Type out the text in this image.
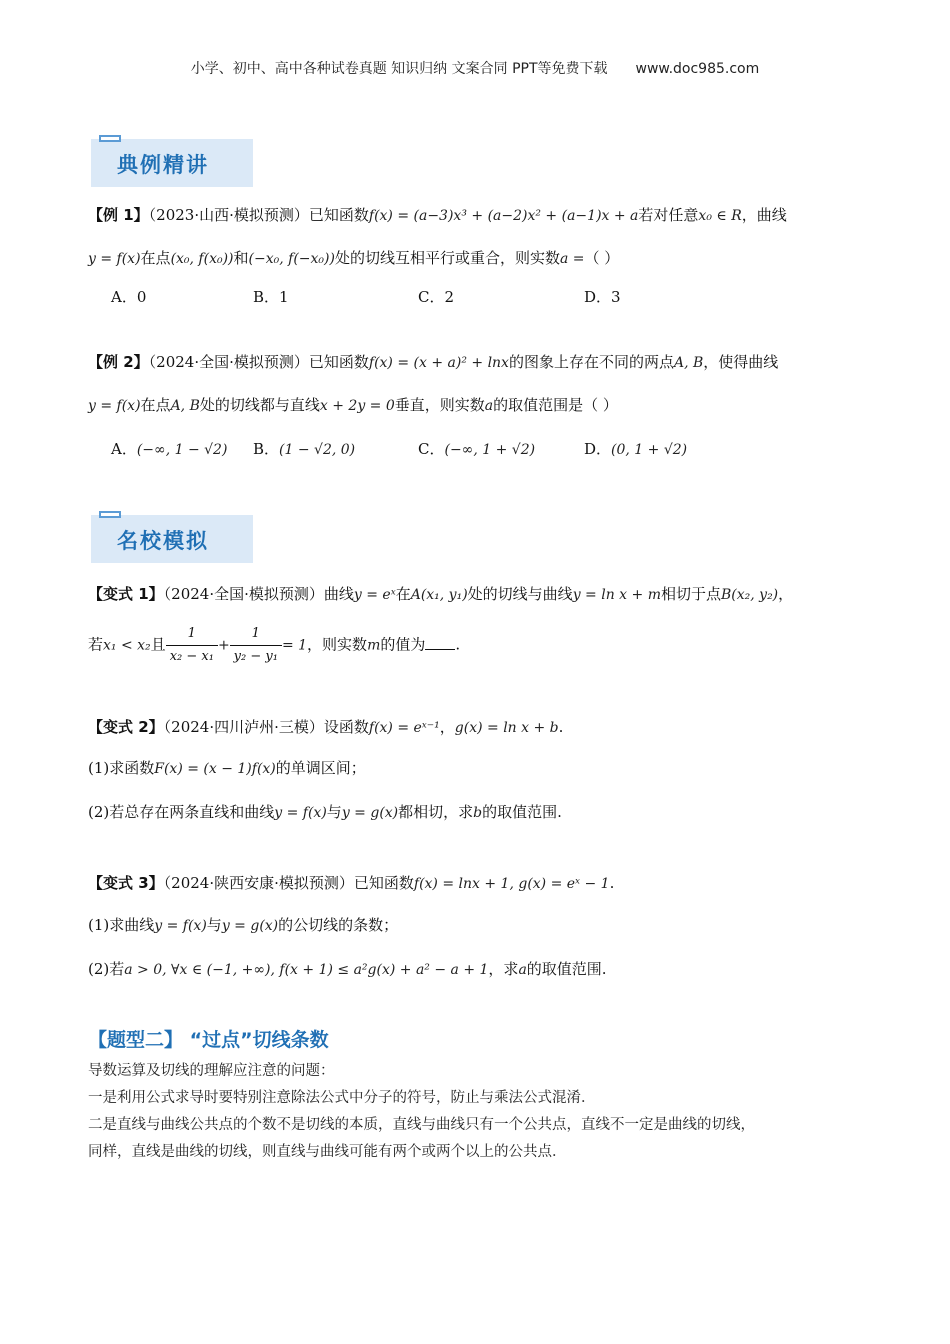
小学、初中、高中各种试卷真题 知识归纳 文案合同 PPT等免费下载 www.doc985.com
典例精讲
【例 1】（2023·山西·模拟预测）已知函数f(x) = (a−3)x³ + (a−2)x² + (a−1)x + a若对任意x₀ ∈ R，曲线
y = f(x)在点(x₀, f(x₀))和(−x₀, f(−x₀))处的切线互相平行或重合，则实数a =（ ）
A．0	B．1	C．2	D．3
【例 2】（2024·全国·模拟预测）已知函数f(x) = (x + a)² + lnx的图象上存在不同的两点A, B，使得曲线
y = f(x)在点A, B处的切线都与直线x + 2y = 0垂直，则实数a的取值范围是（ ）
A．(−∞, 1 − √2) B．(1 − √2, 0)	C．(−∞, 1 + √2)	D．(0, 1 + √2)
名校模拟
【变式 1】（2024·全国·模拟预测）曲线y = eˣ在A(x₁, y₁)处的切线与曲线y = ln x + m相切于点B(x₂, y₂)，
若x₁ < x₂且 $\frac{1}{\text{x₂ − x₁}} + \frac{1}{\text{y₂ − y₁}} = 1$，则实数m的值为 .
【变式 2】（2024·四川泸州·三模）设函数f(x) = eˣ⁻¹，g(x) = ln x + b.
(1)求函数F(x) = (x − 1)f(x)的单调区间；
(2)若总存在两条直线和曲线y = f(x)与y = g(x)都相切，求b的取值范围.
【变式 3】（2024·陕西安康·模拟预测）已知函数f(x) = lnx + 1, g(x) = eˣ − 1.
(1)求曲线y = f(x)与y = g(x)的公切线的条数；
(2)若a > 0, ∀x ∈ (−1, +∞), f(x + 1) ≤ a²g(x) + a² − a + 1，求a的取值范围.
【题型二】 “过点”切线条数
导数运算及切线的理解应注意的问题：
一是利用公式求导时要特别注意除法公式中分子的符号，防止与乘法公式混淆．
二是直线与曲线公共点的个数不是切线的本质，直线与曲线只有一个公共点，直线不一定是曲线的切线，
同样，直线是曲线的切线，则直线与曲线可能有两个或两个以上的公共点．
